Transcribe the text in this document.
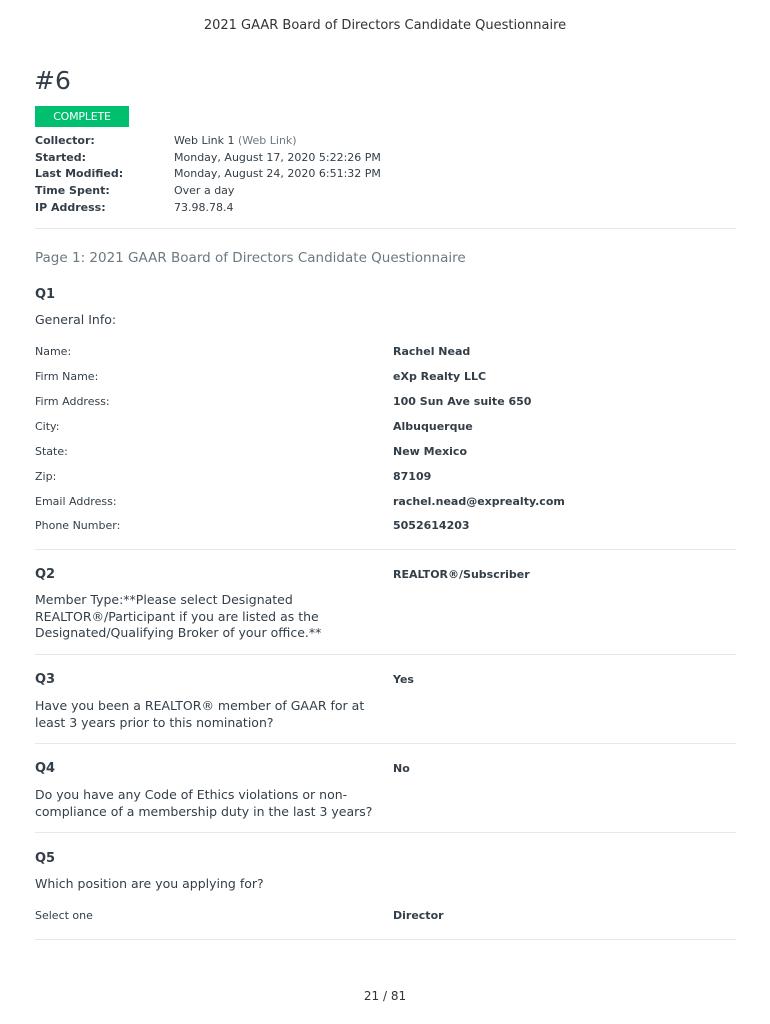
2021 GAAR Board of Directors Candidate Questionnaire
#6
COMPLETE
Collector:	Web Link 1 (Web Link)
Started:	Monday, August 17, 2020 5:22:26 PM
Last Modified:	Monday, August 24, 2020 6:51:32 PM
Time Spent:	Over a day
IP Address:	73.98.78.4
Page 1: 2021 GAAR Board of Directors Candidate Questionnaire
Q1
General Info:
Name:	Rachel Nead
Firm Name:	eXp Realty LLC
Firm Address:	100 Sun Ave suite 650
City:	Albuquerque
State:	New Mexico
Zip:	87109
Email Address:	rachel.nead@exprealty.com
Phone Number:	5052614203
Q2	REALTOR®/Subscriber
Member Type:**Please select Designated REALTOR®/Participant if you are listed as the Designated/Qualifying Broker of your office.**
Q3	Yes
Have you been a REALTOR® member of GAAR for at least 3 years prior to this nomination?
Q4	No
Do you have any Code of Ethics violations or non-compliance of a membership duty in the last 3 years?
Q5
Which position are you applying for?
Select one	Director
21 / 81
